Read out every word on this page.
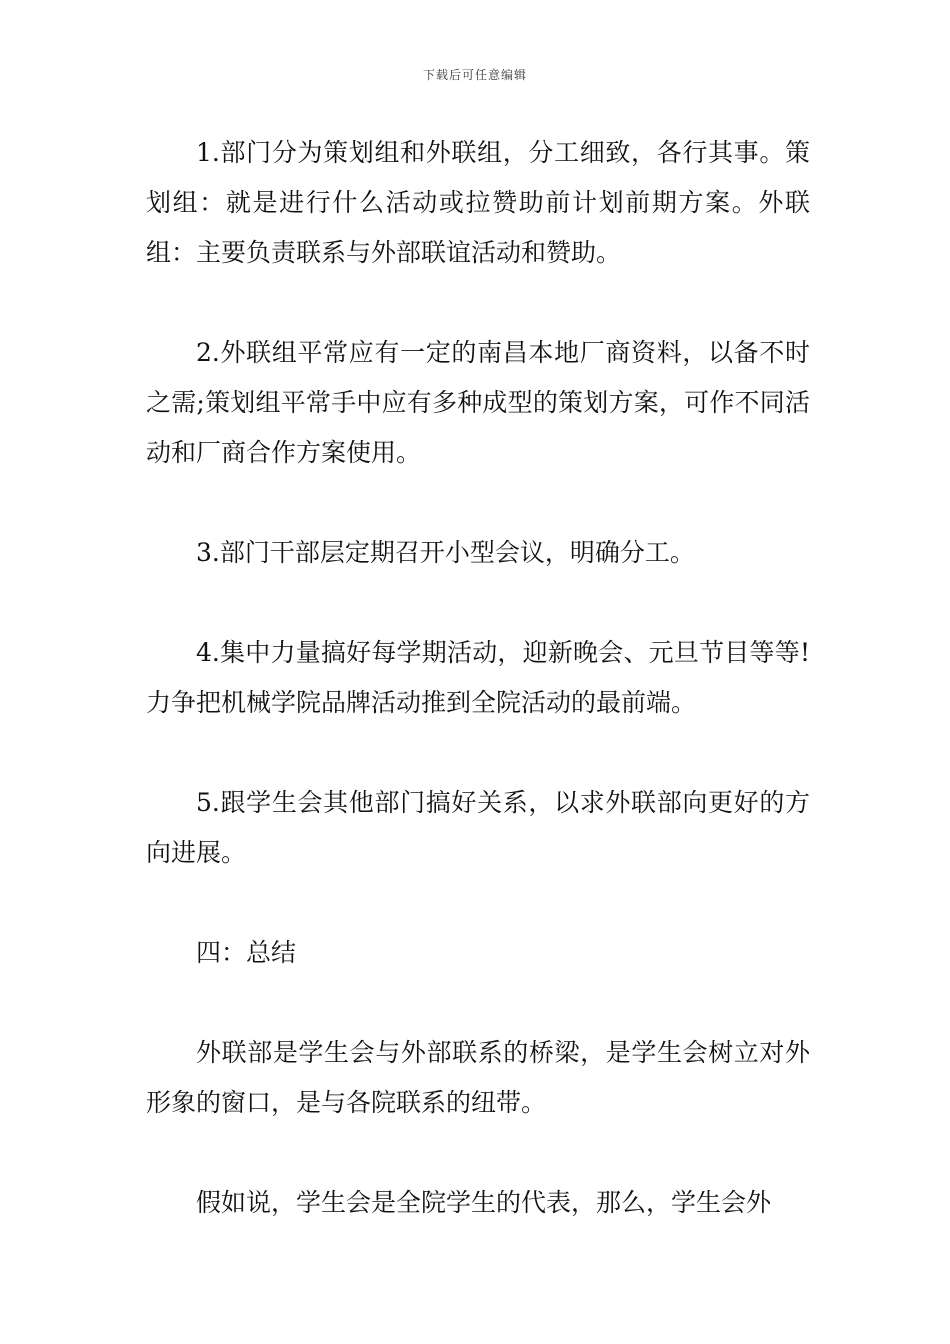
下载后可任意编辑

1.部门分为策划组和外联组，分工细致，各行其事。策划组：就是进行什么活动或拉赞助前计划前期方案。外联组：主要负责联系与外部联谊活动和赞助。

2.外联组平常应有一定的南昌本地厂商资料，以备不时之需;策划组平常手中应有多种成型的策划方案，可作不同活动和厂商合作方案使用。

3.部门干部层定期召开小型会议，明确分工。

4.集中力量搞好每学期活动，迎新晚会、元旦节目等等!力争把机械学院品牌活动推到全院活动的最前端。

5.跟学生会其他部门搞好关系，以求外联部向更好的方向进展。

四：总结

外联部是学生会与外部联系的桥梁，是学生会树立对外形象的窗口，是与各院联系的纽带。

假如说，学生会是全院学生的代表，那么，学生会外
